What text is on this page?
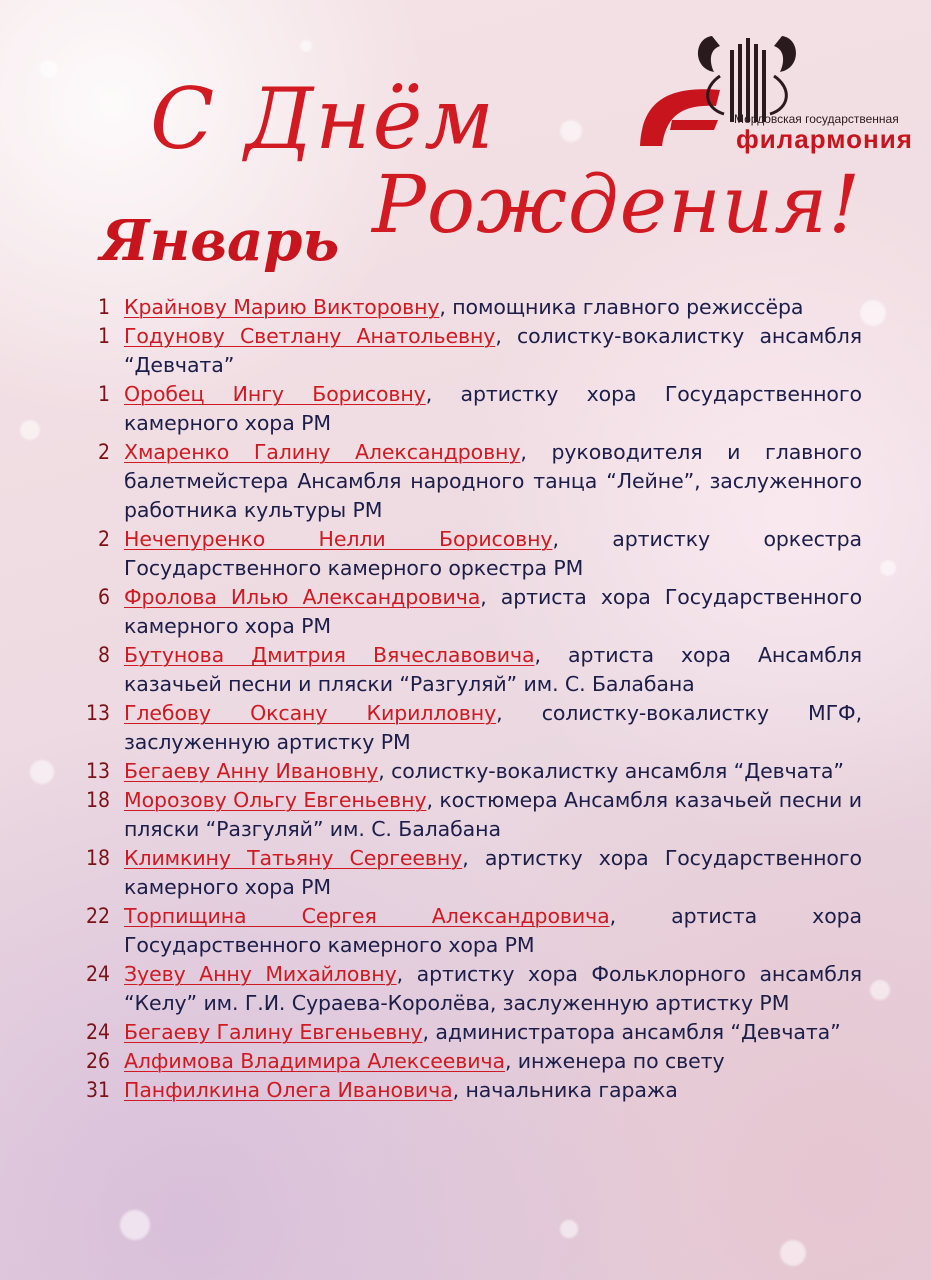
С Днём
Рождения!
Январь
Мордовская государственная
филармония
1 Крайнову Марию Викторовну, помощника главного режиссёра
1 Годунову Светлану Анатольевну, солистку-вокалистку ансамбля “Девчата”
1 Оробец Ингу Борисовну, артистку хора Государственного камерного хора РМ
2 Хмаренко Галину Александровну, руководителя и главного балетмейстера Ансамбля народного танца “Лейне”, заслуженного работника культуры РМ
2 Нечепуренко Нелли Борисовну, артистку оркестра Государственного камерного оркестра РМ
6 Фролова Илью Александровича, артиста хора Государственного камерного хора РМ
8 Бутунова Дмитрия Вячеславовича, артиста хора Ансамбля казачьей песни и пляски “Разгуляй” им. С. Балабана
13 Глебову Оксану Кирилловну, солистку-вокалистку МГФ, заслуженную артистку РМ
13 Бегаеву Анну Ивановну, солистку-вокалистку ансамбля “Девчата”
18 Морозову Ольгу Евгеньевну, костюмера Ансамбля казачьей песни и пляски “Разгуляй” им. С. Балабана
18 Климкину Татьяну Сергеевну, артистку хора Государственного камерного хора РМ
22 Торпищина Сергея Александровича, артиста хора Государственного камерного хора РМ
24 Зуеву Анну Михайловну, артистку хора Фольклорного ансамбля “Келу” им. Г.И. Сураева-Королёва, заслуженную артистку РМ
24 Бегаеву Галину Евгеньевну, администратора ансамбля “Девчата”
26 Алфимова Владимира Алексеевича, инженера по свету
31 Панфилкина Олега Ивановича, начальника гаража
